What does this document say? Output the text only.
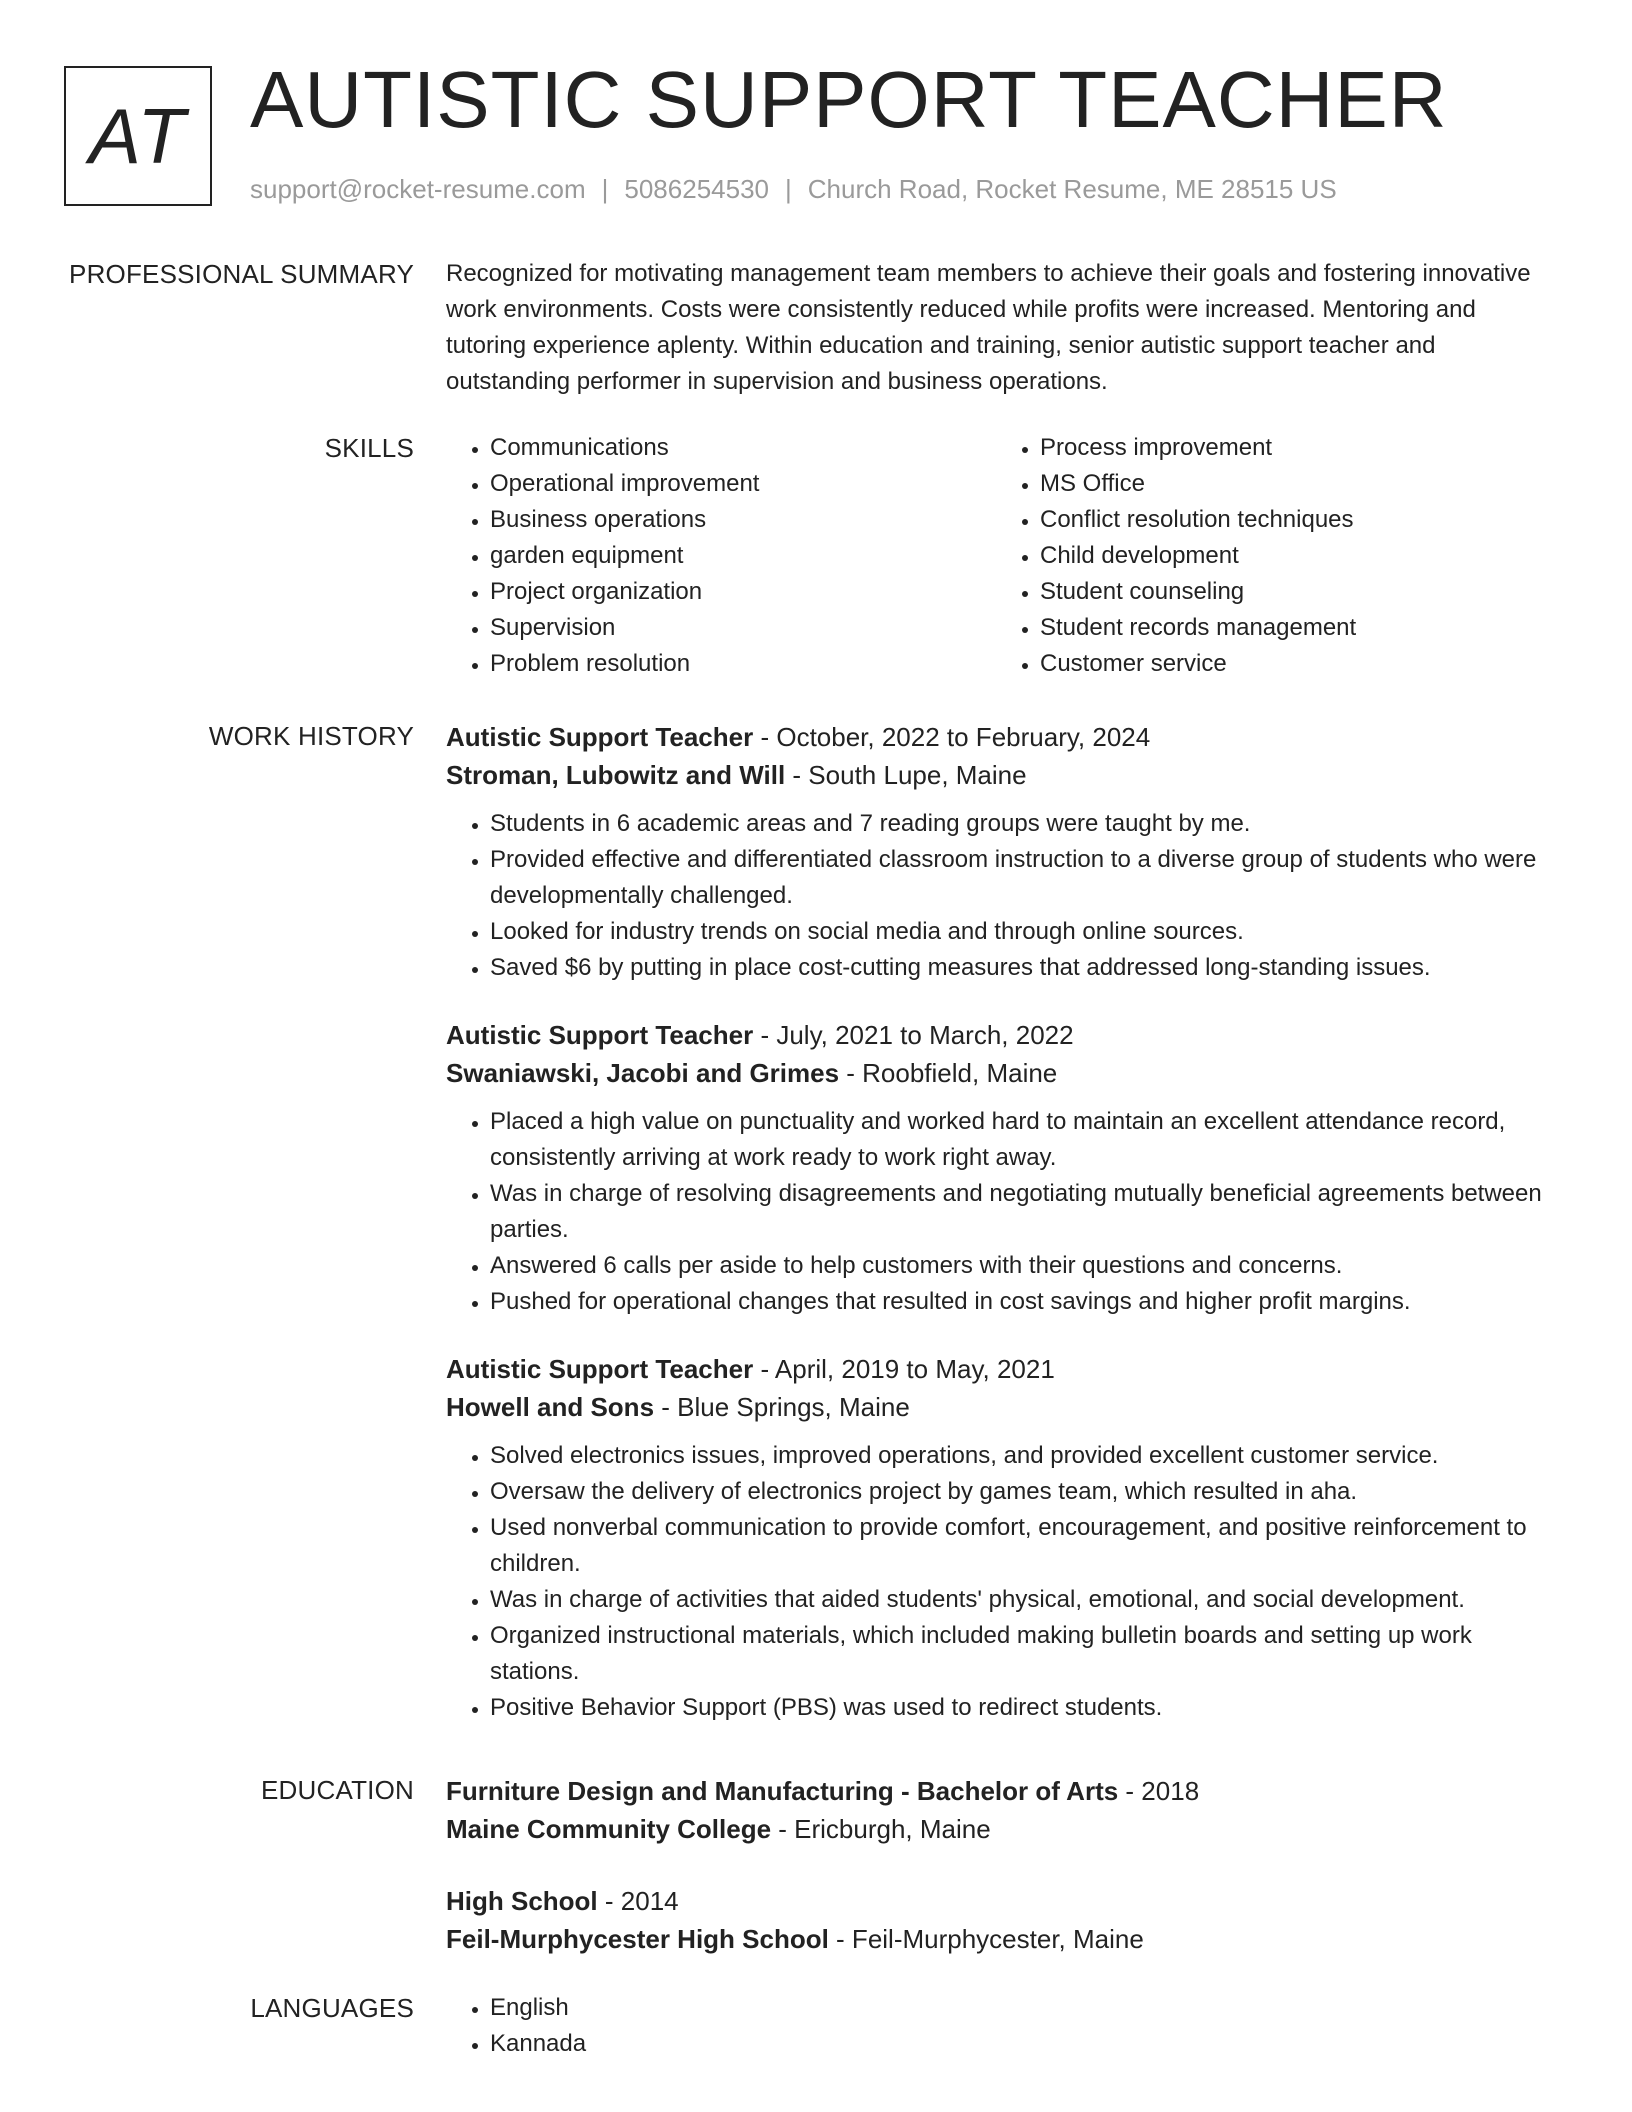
AT AUTISTIC SUPPORT TEACHER
support@rocket-resume.com | 5086254530 | Church Road, Rocket Resume, ME 28515 US
PROFESSIONAL SUMMARY Recognized for motivating management team members to achieve their goals and fostering innovative work environments. Costs were consistently reduced while profits were increased. Mentoring and tutoring experience aplenty. Within education and training, senior autistic support teacher and outstanding performer in supervision and business operations.

SKILLS	• Communications
• Operational improvement
• Business operations
• garden equipment
• Project organization
• Supervision
• Problem resolution
• Process improvement
• MS Office
• Conflict resolution techniques
• Child development
• Student counseling
• Student records management
• Customer service
WORK HISTORY Autistic Support Teacher - October, 2022 to February, 2024
Stroman, Lubowitz and Will - South Lupe, Maine
• Students in 6 academic areas and 7 reading groups were taught by me.
• Provided effective and differentiated classroom instruction to a diverse group of students who were developmentally challenged.
• Looked for industry trends on social media and through online sources.
• Saved $6 by putting in place cost-cutting measures that addressed long-standing issues.
Autistic Support Teacher - July, 2021 to March, 2022
Swaniawski, Jacobi and Grimes - Roobfield, Maine
• Placed a high value on punctuality and worked hard to maintain an excellent attendance record, consistently arriving at work ready to work right away.
• Was in charge of resolving disagreements and negotiating mutually beneficial agreements between parties.
• Answered 6 calls per aside to help customers with their questions and concerns.
• Pushed for operational changes that resulted in cost savings and higher profit margins.
Autistic Support Teacher - April, 2019 to May, 2021
Howell and Sons - Blue Springs, Maine
• Solved electronics issues, improved operations, and provided excellent customer service.
• Oversaw the delivery of electronics project by games team, which resulted in aha.
• Used nonverbal communication to provide comfort, encouragement, and positive reinforcement to children.
• Was in charge of activities that aided students' physical, emotional, and social development.
• Organized instructional materials, which included making bulletin boards and setting up work stations.
• Positive Behavior Support (PBS) was used to redirect students.
EDUCATION Furniture Design and Manufacturing - Bachelor of Arts - 2018
Maine Community College - Ericburgh, Maine
High School - 2014
Feil-Murphycester High School - Feil-Murphycester, Maine
LANGUAGES	• English
• Kannada
